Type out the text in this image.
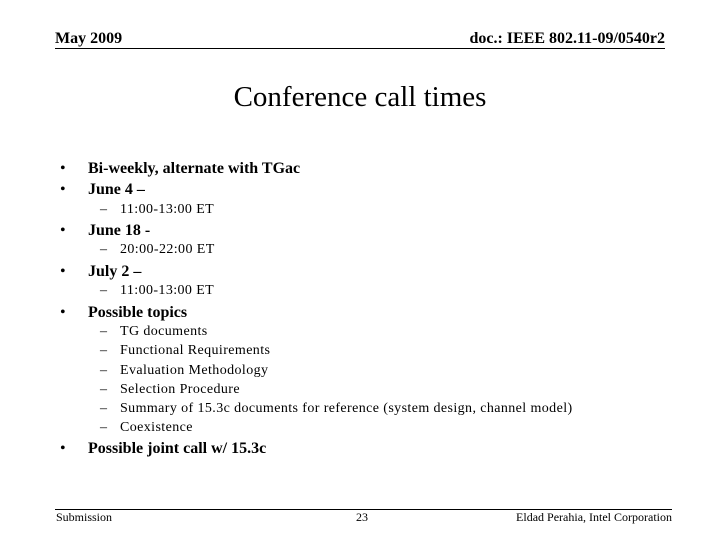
May 2009	doc.: IEEE 802.11-09/0540r2
Conference call times
• Bi-weekly, alternate with TGac
• June 4 –
– 11:00-13:00 ET
• June 18 -
– 20:00-22:00 ET
• July 2 –
– 11:00-13:00 ET
• Possible topics
– TG documents
– Functional Requirements
– Evaluation Methodology
– Selection Procedure
– Summary of 15.3c documents for reference (system design, channel model)
– Coexistence
• Possible joint call w/ 15.3c
Submission	23	Eldad Perahia, Intel Corporation
